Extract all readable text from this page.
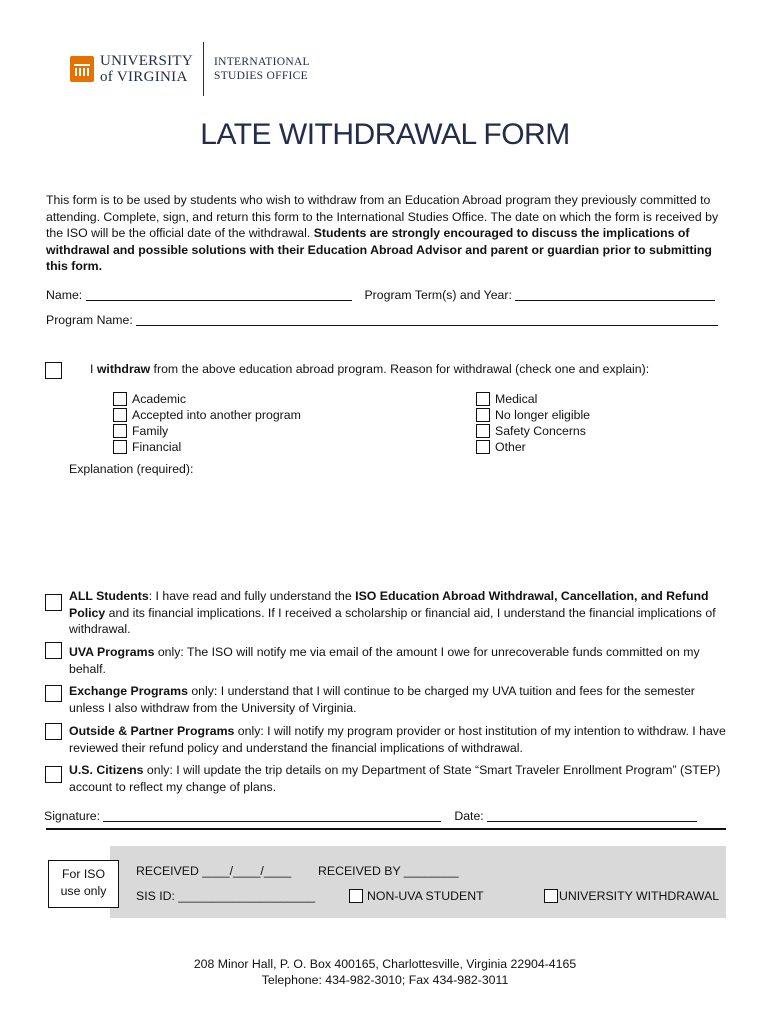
UNIVERSITY
of VIRGINIA
INTERNATIONAL
STUDIES OFFICE
LATE WITHDRAWAL FORM
This form is to be used by students who wish to withdraw from an Education Abroad program they previously committed to attending. Complete, sign, and return this form to the International Studies Office. The date on which the form is received by the ISO will be the official date of the withdrawal. Students are strongly encouraged to discuss the implications of withdrawal and possible solutions with their Education Abroad Advisor and parent or guardian prior to submitting this form.
Name:	Program Term(s) and Year:
Program Name:
I withdraw from the above education abroad program. Reason for withdrawal (check one and explain):
Academic
Accepted into another program
Family
Financial
Medical
No longer eligible
Safety Concerns
Other
Explanation (required):
ALL Students: I have read and fully understand the ISO Education Abroad Withdrawal, Cancellation, and Refund Policy and its financial implications. If I received a scholarship or financial aid, I understand the financial implications of withdrawal.
UVA Programs only: The ISO will notify me via email of the amount I owe for unrecoverable funds committed on my behalf.
Exchange Programs only: I understand that I will continue to be charged my UVA tuition and fees for the semester unless I also withdraw from the University of Virginia.
Outside & Partner Programs only: I will notify my program provider or host institution of my intention to withdraw. I have reviewed their refund policy and understand the financial implications of withdrawal.
U.S. Citizens only: I will update the trip details on my Department of State “Smart Traveler Enrollment Program” (STEP) account to reflect my change of plans.
Signature:	Date:
For ISO
use only
RECEIVED ____/____/____ RECEIVED BY ________
SIS ID: ____________________	NON-UVA STUDENT	UNIVERSITY WITHDRAWAL
208 Minor Hall, P. O. Box 400165, Charlottesville, Virginia 22904-4165
Telephone: 434-982-3010; Fax 434-982-3011
